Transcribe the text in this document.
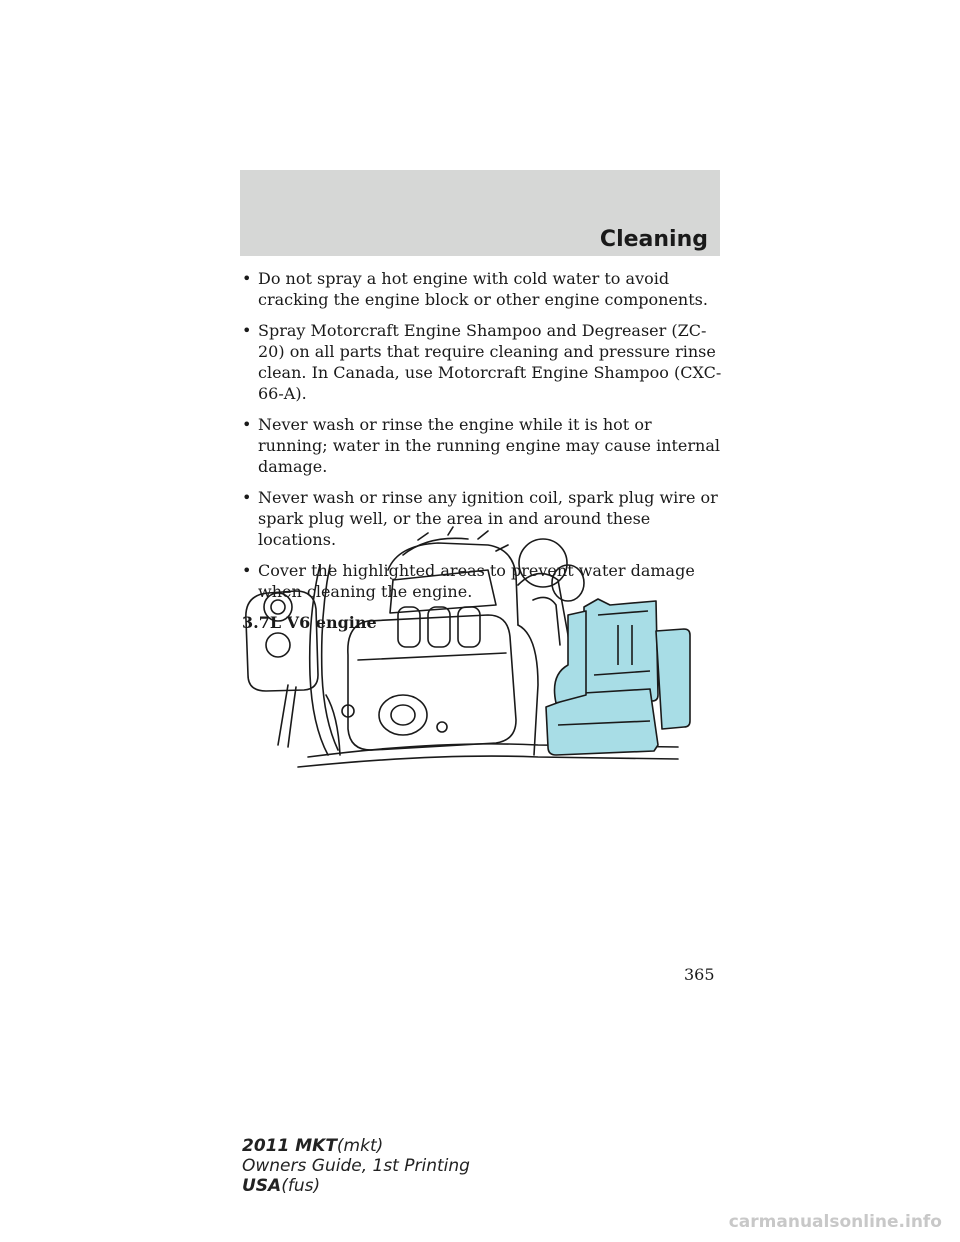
Cleaning
• Do not spray a hot engine with cold water to avoid cracking the engine block or other engine components.
• Spray Motorcraft Engine Shampoo and Degreaser (ZC-20) on all parts that require cleaning and pressure rinse clean. In Canada, use Motorcraft Engine Shampoo (CXC-66-A).
• Never wash or rinse the engine while it is hot or running; water in the running engine may cause internal damage.
• Never wash or rinse any ignition coil, spark plug wire or spark plug well, or the area in and around these locations.
• Cover the highlighted areas to prevent water damage when cleaning the engine.
3.7L V6 engine
365
2011 MKT(mkt)
Owners Guide, 1st Printing
USA(fus)
carmanualsonline.info
